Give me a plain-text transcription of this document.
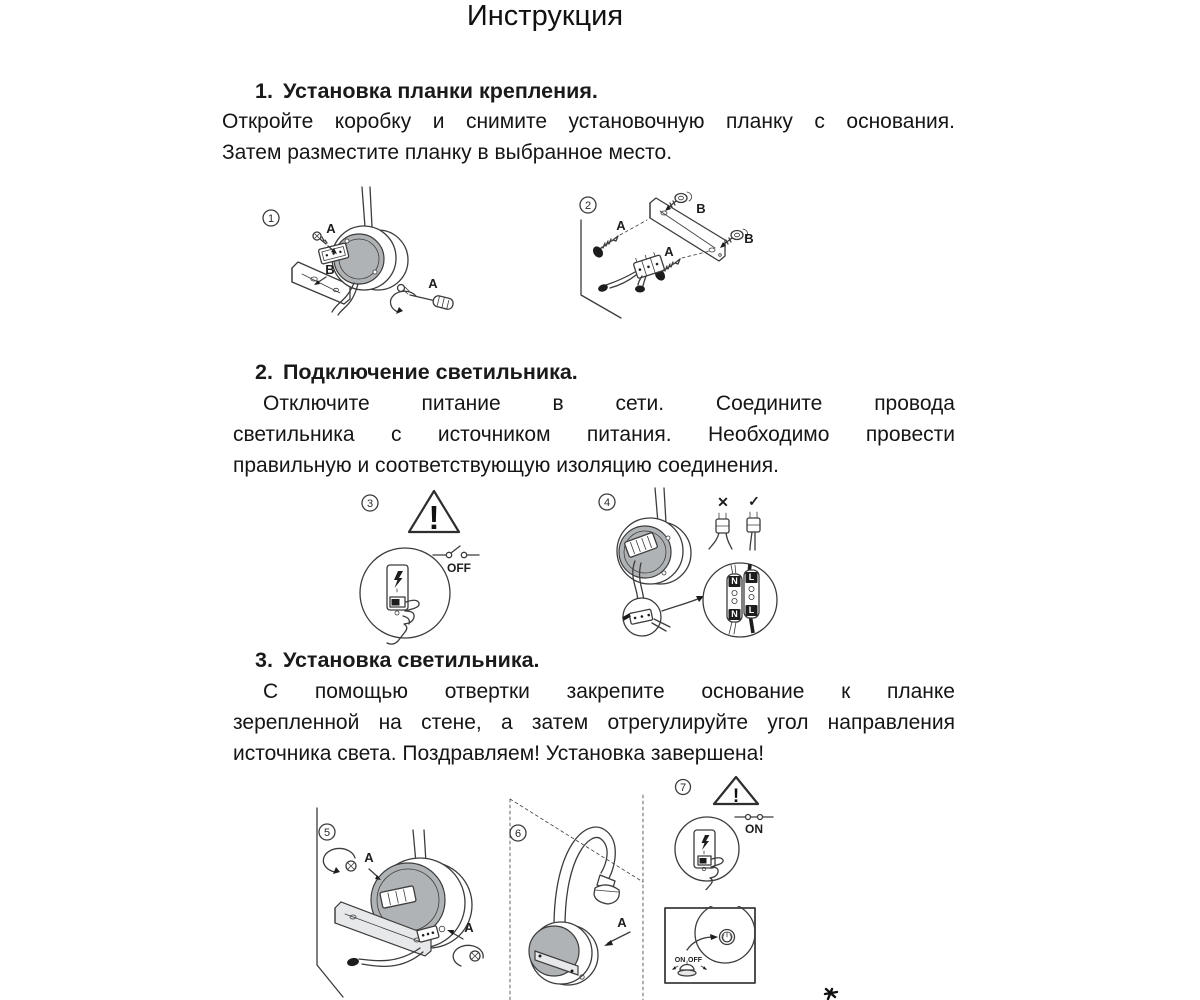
Инструкция
1. Установка планки крепления.
Откройте коробку и снимите установочную планку с основания.
Затем разместите планку в выбранное место.
2. Подключение светильника.
Отключите питание в сети. Соедините провода
светильника с источником питания. Необходимо провести
правильную и соответствующую изоляцию соединения.
3. Установка светильника.
С помощью отвертки закрепите основание к планке
зерепленной на стене, а затем отрегулируйте угол направления
источника света. Поздравляем! Установка завершена!
1
A
B
A
2	B
B
A
A
3 !
OFF
4	✕ ✓
N
N
L
L
5
A
A
6
A
7 !
ON
ON OFF
